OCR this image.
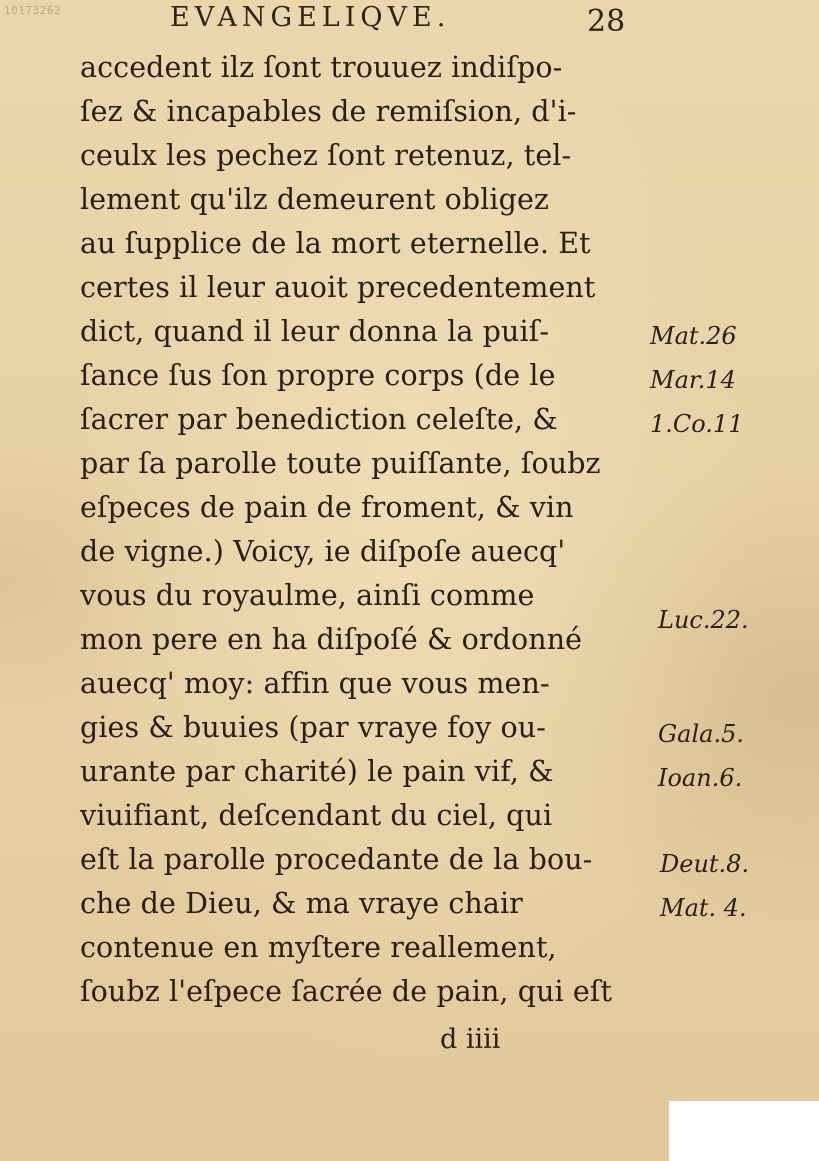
10173262	EVANGELIQVE.	28
accedent ilz ſont trouuez indiſpo-
ſez & incapables de remiſsion, d'i-
ceulx les pechez ſont retenuz, tel-
lement qu'ilz demeurent obligez
au ſupplice de la mort eternelle. Et
certes il leur auoit precedentement
dict, quand il leur donna la puiſ-
ſance ſus ſon propre corps (de le
ſacrer par benediction celeſte, &
par ſa parolle toute puiſſante, ſoubz
eſpeces de pain de froment, & vin
de vigne.) Voicy, ie diſpoſe auecq'
vous du royaulme, ainſi comme
mon pere en ha diſpoſé & ordonné
auecq' moy: affin que vous men-
gies & buuies (par vraye foy ou-
urante par charité) le pain vif, &
viuifiant, deſcendant du ciel, qui
eſt la parolle procedante de la bou-
che de Dieu, & ma vraye chair
contenue en myſtere reallement,
ſoubz l'eſpece ſacrée de pain, qui eſt
Mat.26
Mar.14
1.Co.11
Luc.22.
Gala.5.
Ioan.6.
Deut.8.
Mat. 4.
d iiii
